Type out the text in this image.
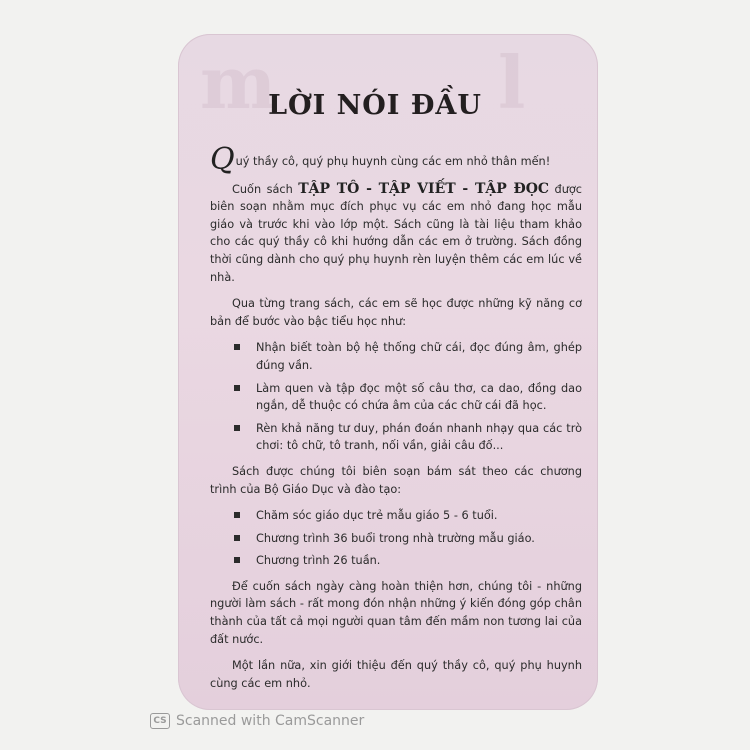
m	l
LỜI NÓI ĐẦU

Quý thầy cô, quý phụ huynh cùng các em nhỏ thân mến!

Cuốn sách TẬP TÔ - TẬP VIẾT - TẬP ĐỌC được biên soạn nhằm mục đích phục vụ các em nhỏ đang học mẫu giáo và trước khi vào lớp một. Sách cũng là tài liệu tham khảo cho các quý thầy cô khi hướng dẫn các em ở trường. Sách đồng thời cũng dành cho quý phụ huynh rèn luyện thêm các em lúc về nhà.

Qua từng trang sách, các em sẽ học được những kỹ năng cơ bản để bước vào bậc tiểu học như:

Nhận biết toàn bộ hệ thống chữ cái, đọc đúng âm, ghép đúng vần.
Làm quen và tập đọc một số câu thơ, ca dao, đồng dao ngắn, dễ thuộc có chứa âm của các chữ cái đã học.
Rèn khả năng tư duy, phán đoán nhanh nhạy qua các trò chơi: tô chữ, tô tranh, nối vần, giải câu đố...

Sách được chúng tôi biên soạn bám sát theo các chương trình của Bộ Giáo Dục và đào tạo:

Chăm sóc giáo dục trẻ mẫu giáo 5 - 6 tuổi.
Chương trình 36 buổi trong nhà trường mẫu giáo.
Chương trình 26 tuần.

Để cuốn sách ngày càng hoàn thiện hơn, chúng tôi - những người làm sách - rất mong đón nhận những ý kiến đóng góp chân thành của tất cả mọi người quan tâm đến mầm non tương lai của đất nước.

Một lần nữa, xin giới thiệu đến quý thầy cô, quý phụ huynh cùng các em nhỏ.

CS Scanned with CamScanner
